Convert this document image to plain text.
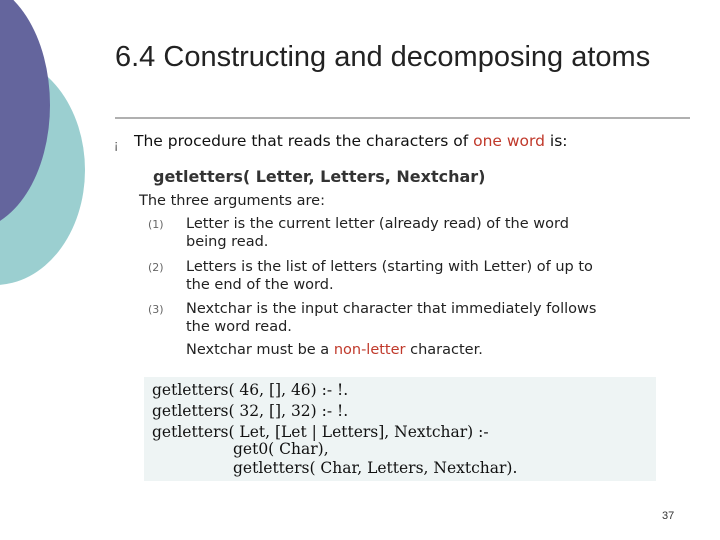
6.4 Constructing and decomposing atoms
¡ The procedure that reads the characters of one word is:
getletters( Letter, Letters, Nextchar)
The three arguments are:
(1)	Letter is the current letter (already read) of the word
being read.
(2)	Letters is the list of letters (starting with Letter) of up to
the end of the word.
(3)	Nextchar is the input character that immediately follows
the word read.
Nextchar must be a non-letter character.
getletters( 46, [], 46) :- !.
getletters( 32, [], 32) :- !.
getletters( Let, [Let | Letters], Nextchar) :-
get0( Char),
getletters( Char, Letters, Nextchar).
37
